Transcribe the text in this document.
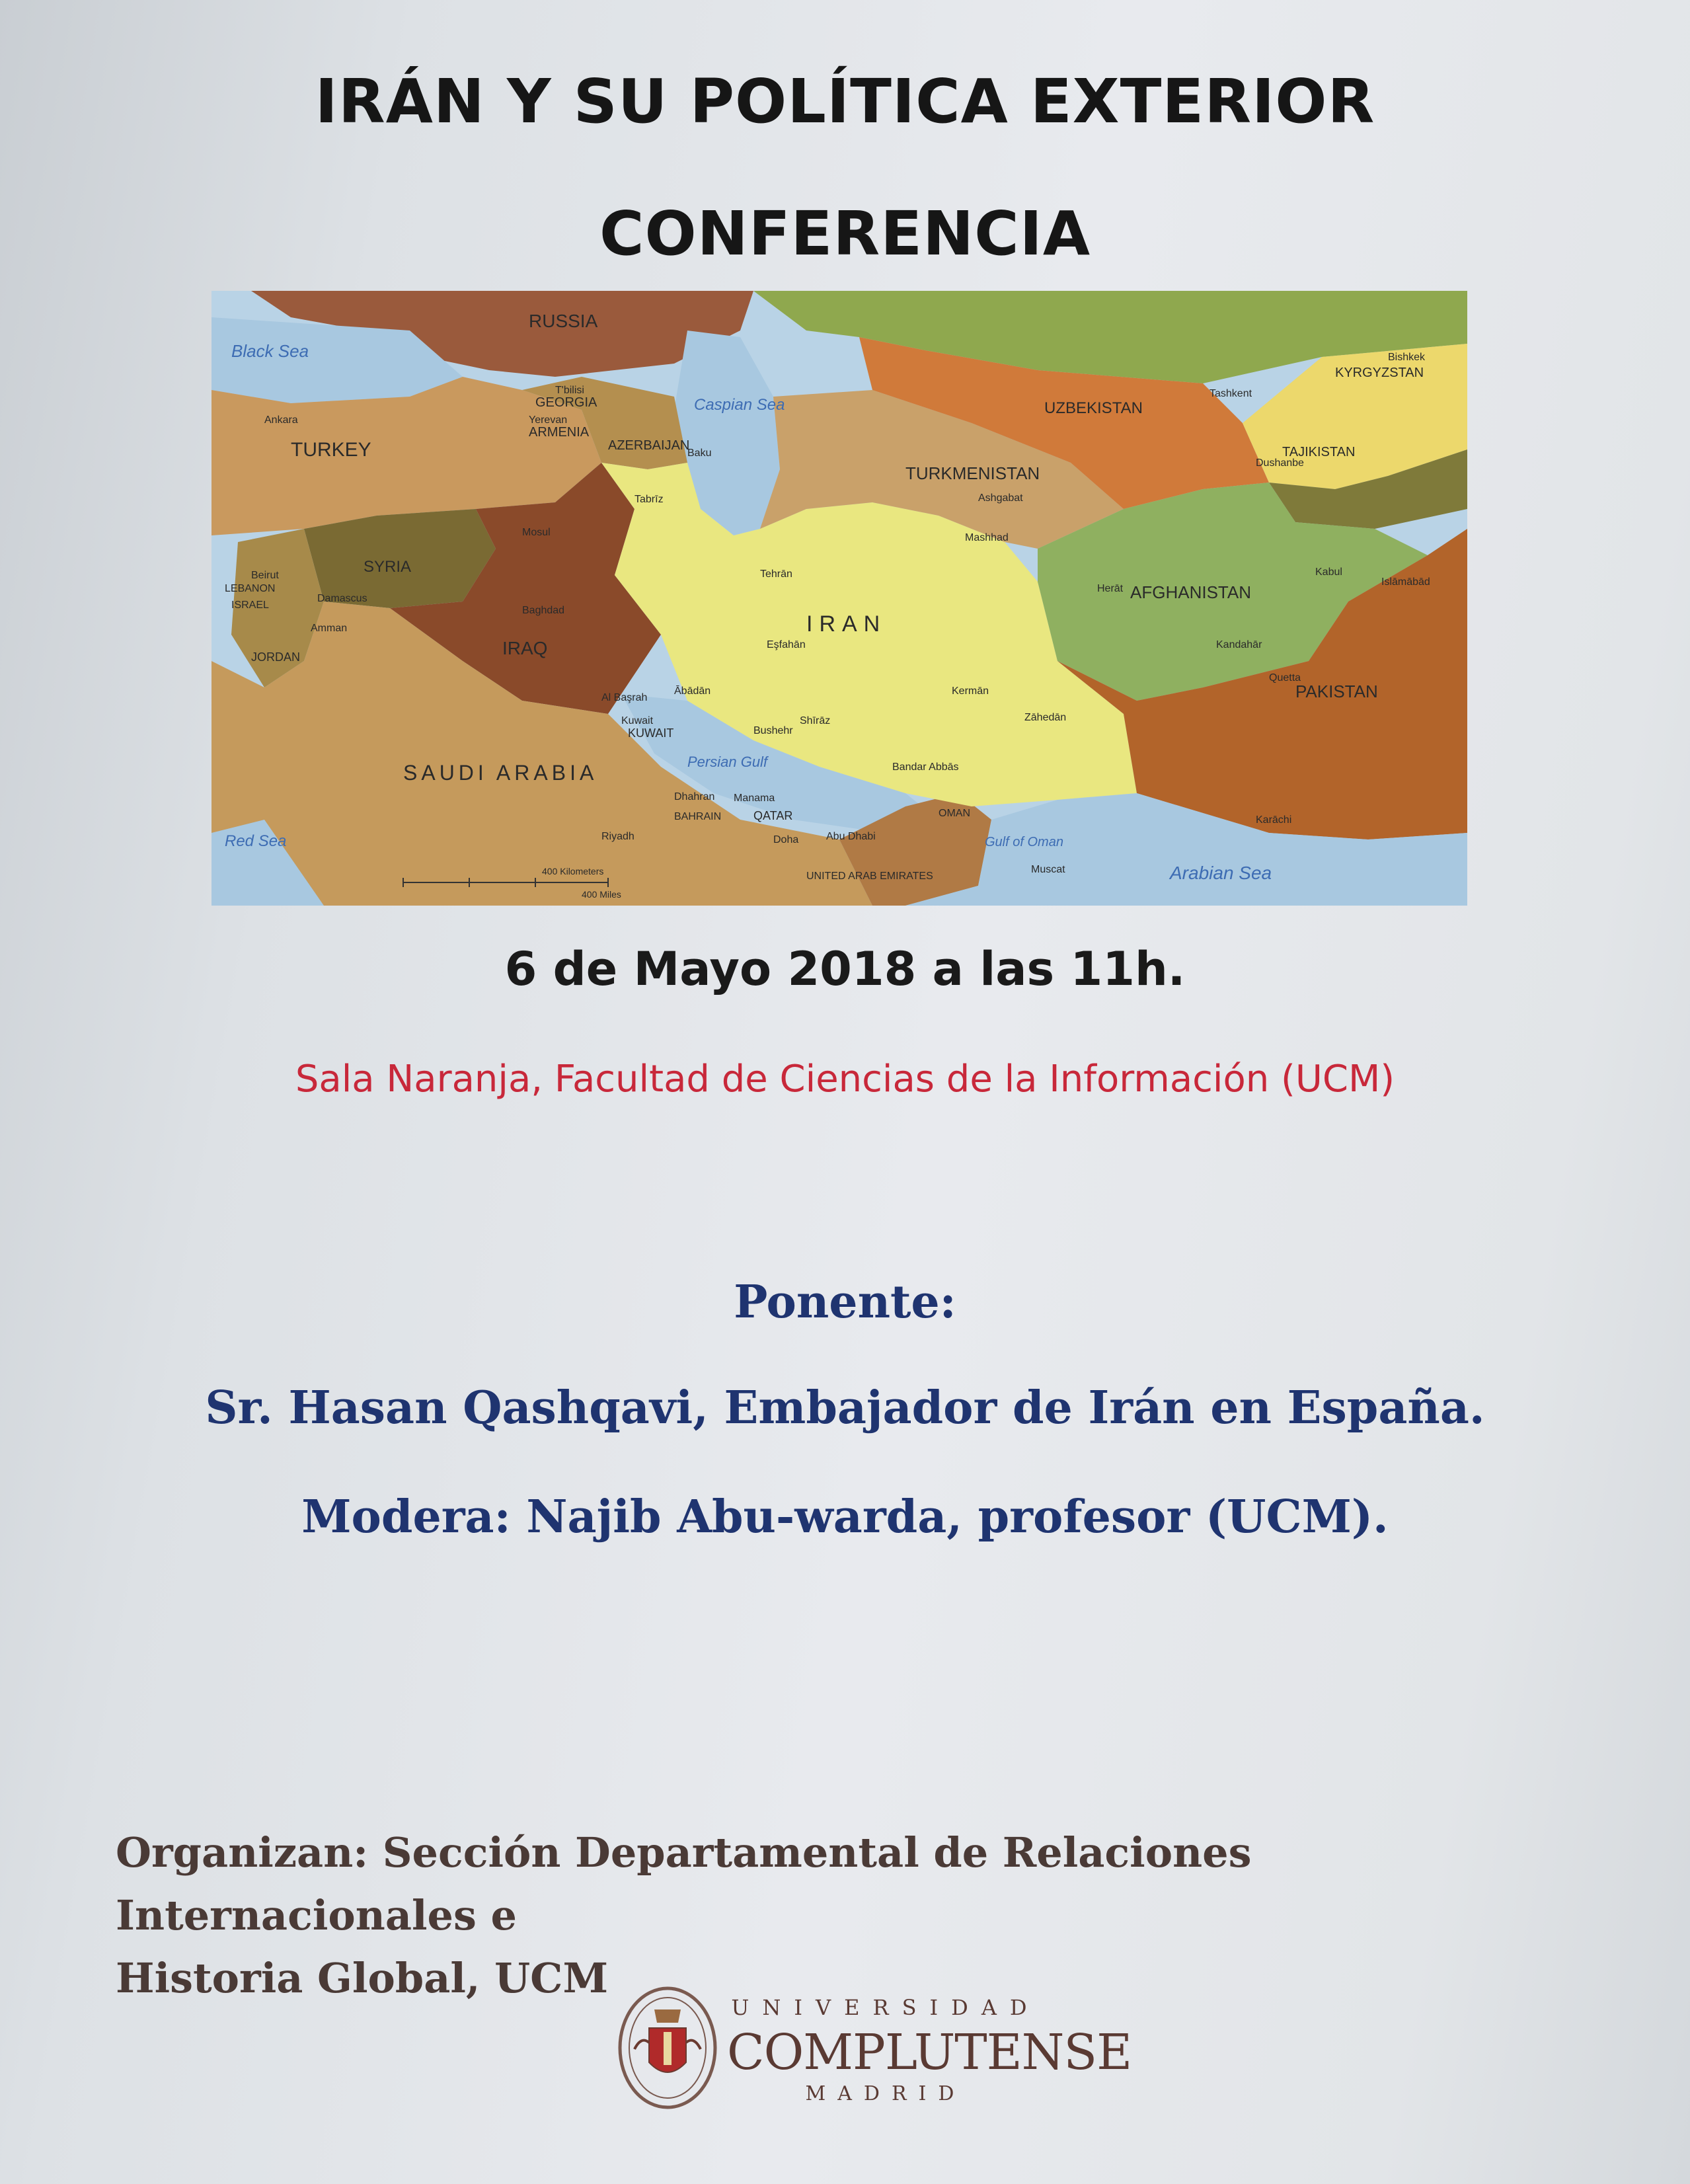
IRÁN Y SU POLÍTICA EXTERIOR
CONFERENCIA
Black Sea
Caspian Sea
Persian Gulf
Red Sea
Arabian Sea
Gulf of Oman
RUSSIA
GEORGIA
ARMENIA
AZERBAIJAN
TURKEY
SYRIA
LEBANON
ISRAEL
JORDAN	IRAQ
KUWAIT
SAUDI ARABIA
QATAR
BAHRAIN
UNITED ARAB EMIRATES
OMAN
IRAN
TURKMENISTAN
UZBEKISTAN
KYRGYZSTAN
TAJIKISTAN
AFGHANISTAN
PAKISTAN
Tehrān
Eşfahān
Shīrāz
Mashhad
Kermān
Tabrīz	Ashgabat
Baghdad
Damascus
Beirut
Amman
Riyadh	Doha	Abu Dhabi
Muscat
Kabul
Islāmābād
Tashkent
Dushanbe
Bishkek
Yerevan
Baku
T'bilisi
Ankara
Kuwait
Bandar Abbās
Zāhedān
Herāt
Kandahār
Karāchi
Quetta
Mosul
Dhahran Manama
Bushehr
Ābādān
Al Başrah
400 Kilometers
400 Miles
6 de Mayo 2018 a las 11h.
Sala Naranja, Facultad de Ciencias de la Información (UCM)
Ponente:
Sr. Hasan Qashqavi, Embajador de Irán en España.
Modera: Najib Abu-warda, profesor (UCM).
Organizan: Sección Departamental de Relaciones Internacionales e
Historia Global, UCM
UNIVERSIDAD
COMPLUTENSE
MADRID
